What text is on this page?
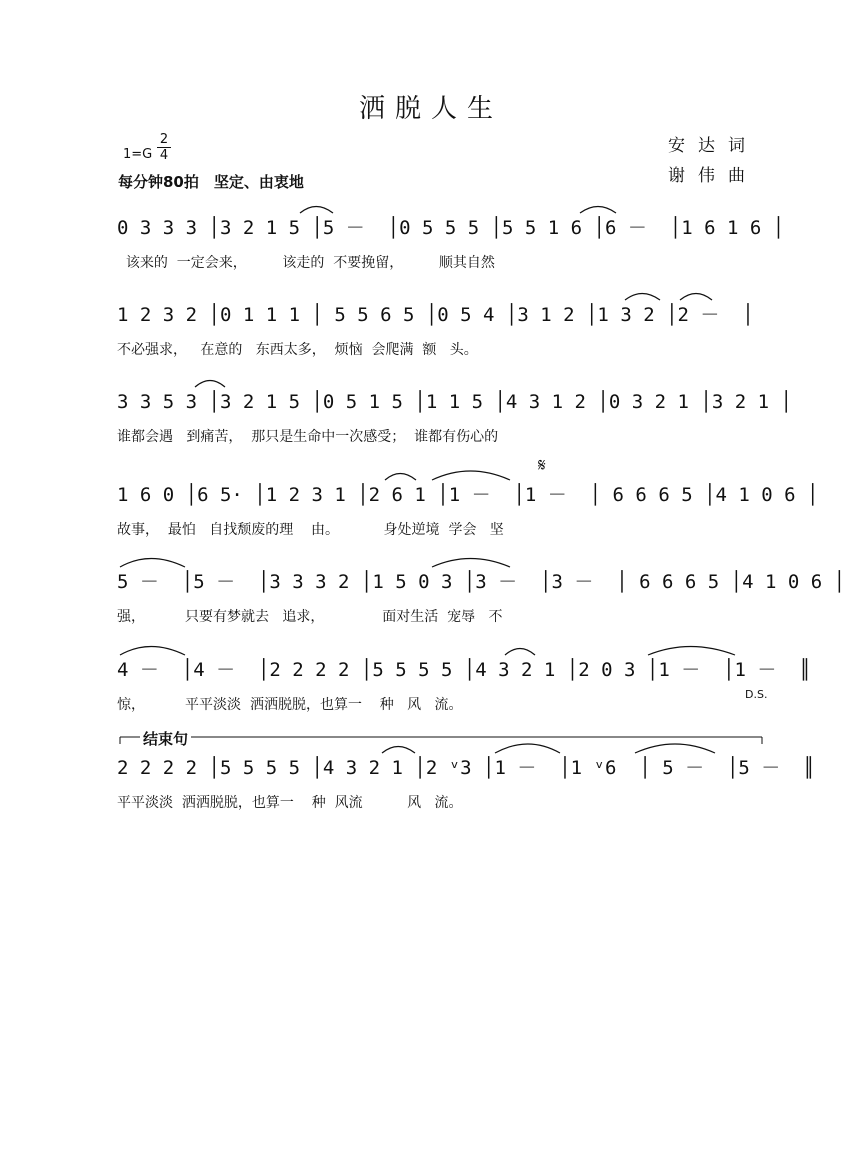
洒脱人生
1=G
2
4
每分钟80拍　坚定、由衷地
安达词
谢伟曲
𝄋
0 3 3 3 │3 2 1 5 │5 －  │0 5 5 5 │5 5 1 6 │6 －  │1 6 1 6 │
该来的  一定会来，        该走的  不要挽留，        顺其自然
1 2 3 2 │0 1 1 1 │ 5 5 6 5 │0 5 4 │3 1 2 │1 3 2 │2 －  │
不必强求，   在意的   东西太多，  烦恼  会爬满  额   头。
3 3 5 3 │3 2 1 5 │0 5 1 5 │1 1 5 │4 3 1 2 │0 3 2 1 │3 2 1 │
谁都会遇   到痛苦，  那只是生命中一次感受；  谁都有伤心的
1 6 0 │6 5· │1 2 3 1 │2 6 1 │1 －  │1 －  │ 6 6 6 5 │4 1 0 6 │
故事，  最怕   自找颓废的理    由。          身处逆境  学会   坚
5 －  │5 －  │3 3 3 2 │1 5 0 3 │3 －  │3 －  │ 6 6 6 5 │4 1 0 6 │
强，         只要有梦就去   追求，             面对生活  宠辱   不
4 －  │4 －  │2 2 2 2 │5 5 5 5 │4 3 2 1 │2 0 3 │1 －  │1 －  ║
惊，         平平淡淡  洒洒脱脱，也算一    种   风   流。
D.S.
结束句
2 2 2 2 │5 5 5 5 │4 3 2 1 │2 ᵛ3 │1 －  │1 ᵛ6  │ 5 －  │5 －  ║
平平淡淡  洒洒脱脱，也算一    种  风流          风   流。
